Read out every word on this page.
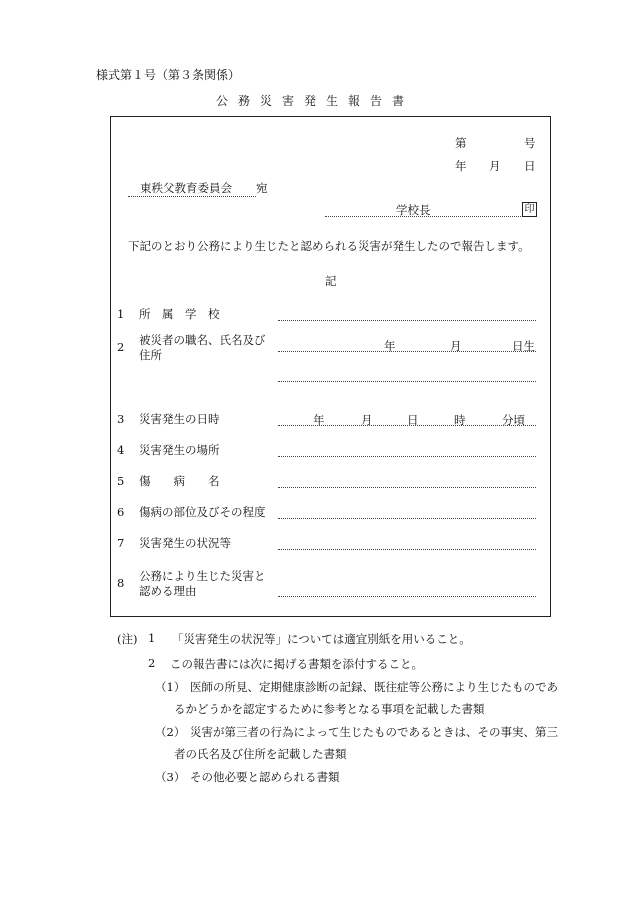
様式第１号（第３条関係）
公務災害発生報告書
第	号
年 月 日
東秩父教育委員会 宛
学校長	印
下記のとおり公務により生じたと認められる災害が発生したので報告します。
記
1 所　属　学　校
2 被災者の職名、氏名及び
住所
年	月	日生
3 災害発生の日時	年	月	日	時	分頃
4 災害発生の場所
5 傷　　病　　名
6 傷病の部位及びその程度
7 災害発生の状況等
8 公務により生じた災害と
認める理由
(注) 1 「災害発生の状況等」については適宜別紙を用いること。
2 この報告書には次に掲げる書類を添付すること。
（1） 医師の所見、定期健康診断の記録、既往症等公務により生じたものであ
るかどうかを認定するために参考となる事項を記載した書類
（2） 災害が第三者の行為によって生じたものであるときは、その事実、第三
者の氏名及び住所を記載した書類
（3） その他必要と認められる書類
